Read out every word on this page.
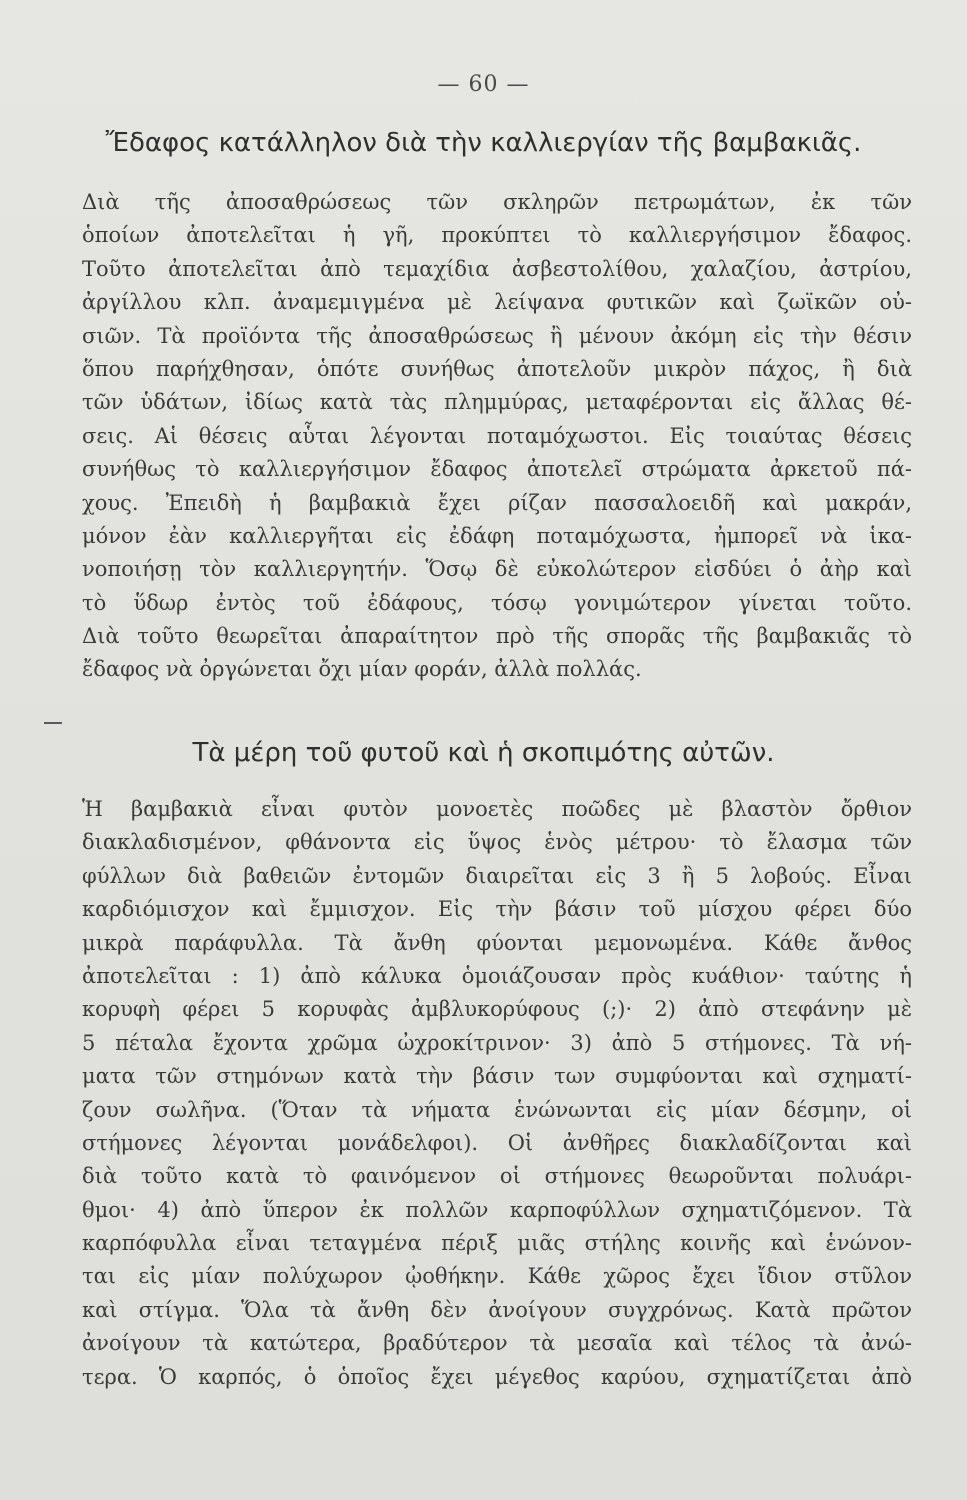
— 60 —
Ἔδαφος κατάλληλον διὰ τὴν καλλιεργίαν τῆς βαμβακιᾶς.
Διὰ τῆς ἀποσαθρώσεως τῶν σκληρῶν πετρωμάτων, ἐκ τῶν
ὁποίων ἀποτελεῖται ἡ γῆ, προκύπτει τὸ καλλιεργήσιμον ἔδαφος.
Τοῦτο ἀποτελεῖται ἀπὸ τεμαχίδια ἀσβεστολίθου, χαλαζίου, ἀστρίου,
ἀργίλλου κλπ. ἀναμεμιγμένα μὲ λείψανα φυτικῶν καὶ ζωϊκῶν οὐ-
σιῶν. Τὰ προϊόντα τῆς ἀποσαθρώσεως ἢ μένουν ἀκόμη εἰς τὴν θέσιν
ὅπου παρήχθησαν, ὁπότε συνήθως ἀποτελοῦν μικρὸν πάχος, ἢ διὰ
τῶν ὑδάτων, ἰδίως κατὰ τὰς πλημμύρας, μεταφέρονται εἰς ἄλλας θέ-
σεις. Αἱ θέσεις αὗται λέγονται ποταμόχωστοι. Εἰς τοιαύτας θέσεις
συνήθως τὸ καλλιεργήσιμον ἔδαφος ἀποτελεῖ στρώματα ἀρκετοῦ πά-
χους. Ἐπειδὴ ἡ βαμβακιὰ ἔχει ρίζαν πασσαλοειδῆ καὶ μακράν,
μόνον ἐὰν καλλιεργῆται εἰς ἐδάφη ποταμόχωστα, ἠμπορεῖ νὰ ἱκα-
νοποιήσῃ τὸν καλλιεργητήν. Ὅσῳ δὲ εὐκολώτερον εἰσδύει ὁ ἀὴρ καὶ
τὸ ὕδωρ ἐντὸς τοῦ ἐδάφους, τόσῳ γονιμώτερον γίνεται τοῦτο.
Διὰ τοῦτο θεωρεῖται ἀπαραίτητον πρὸ τῆς σπορᾶς τῆς βαμβακιᾶς τὸ
ἔδαφος νὰ ὀργώνεται ὄχι μίαν φοράν, ἀλλὰ πολλάς.
Τὰ μέρη τοῦ φυτοῦ καὶ ἡ σκοπιμότης αὐτῶν.
Ἡ βαμβακιὰ εἶναι φυτὸν μονοετὲς ποῶδες μὲ βλαστὸν ὄρθιον
διακλαδισμένον, φθάνοντα εἰς ὕψος ἑνὸς μέτρου· τὸ ἔλασμα τῶν
φύλλων διὰ βαθειῶν ἐντομῶν διαιρεῖται εἰς 3 ἢ 5 λοβούς. Εἶναι
καρδιόμισχον καὶ ἔμμισχον. Εἰς τὴν βάσιν τοῦ μίσχου φέρει δύο
μικρὰ παράφυλλα. Τὰ ἄνθη φύονται μεμονωμένα. Κάθε ἄνθος
ἀποτελεῖται : 1) ἀπὸ κάλυκα ὁμοιάζουσαν πρὸς κυάθιον· ταύτης ἡ
κορυφὴ φέρει 5 κορυφὰς ἀμβλυκορύφους (;)· 2) ἀπὸ στεφάνην μὲ
5 πέταλα ἔχοντα χρῶμα ὠχροκίτρινον· 3) ἀπὸ 5 στήμονες. Τὰ νή-
ματα τῶν στημόνων κατὰ τὴν βάσιν των συμφύονται καὶ σχηματί-
ζουν σωλῆνα. (Ὅταν τὰ νήματα ἑνώνωνται εἰς μίαν δέσμην, οἱ
στήμονες λέγονται μονάδελφοι). Οἱ ἀνθῆρες διακλαδίζονται καὶ
διὰ τοῦτο κατὰ τὸ φαινόμενον οἱ στήμονες θεωροῦνται πολυάρι-
θμοι· 4) ἀπὸ ὕπερον ἐκ πολλῶν καρποφύλλων σχηματιζόμενον. Τὰ
καρπόφυλλα εἶναι τεταγμένα πέριξ μιᾶς στήλης κοινῆς καὶ ἑνώνον-
ται εἰς μίαν πολύχωρον ᾠοθήκην. Κάθε χῶρος ἔχει ἴδιον στῦλον
καὶ στίγμα. Ὅλα τὰ ἄνθη δὲν ἀνοίγουν συγχρόνως. Κατὰ πρῶτον
ἀνοίγουν τὰ κατώτερα, βραδύτερον τὰ μεσαῖα καὶ τέλος τὰ ἀνώ-
τερα. Ὁ καρπός, ὁ ὁποῖος ἔχει μέγεθος καρύου, σχηματίζεται ἀπὸ
